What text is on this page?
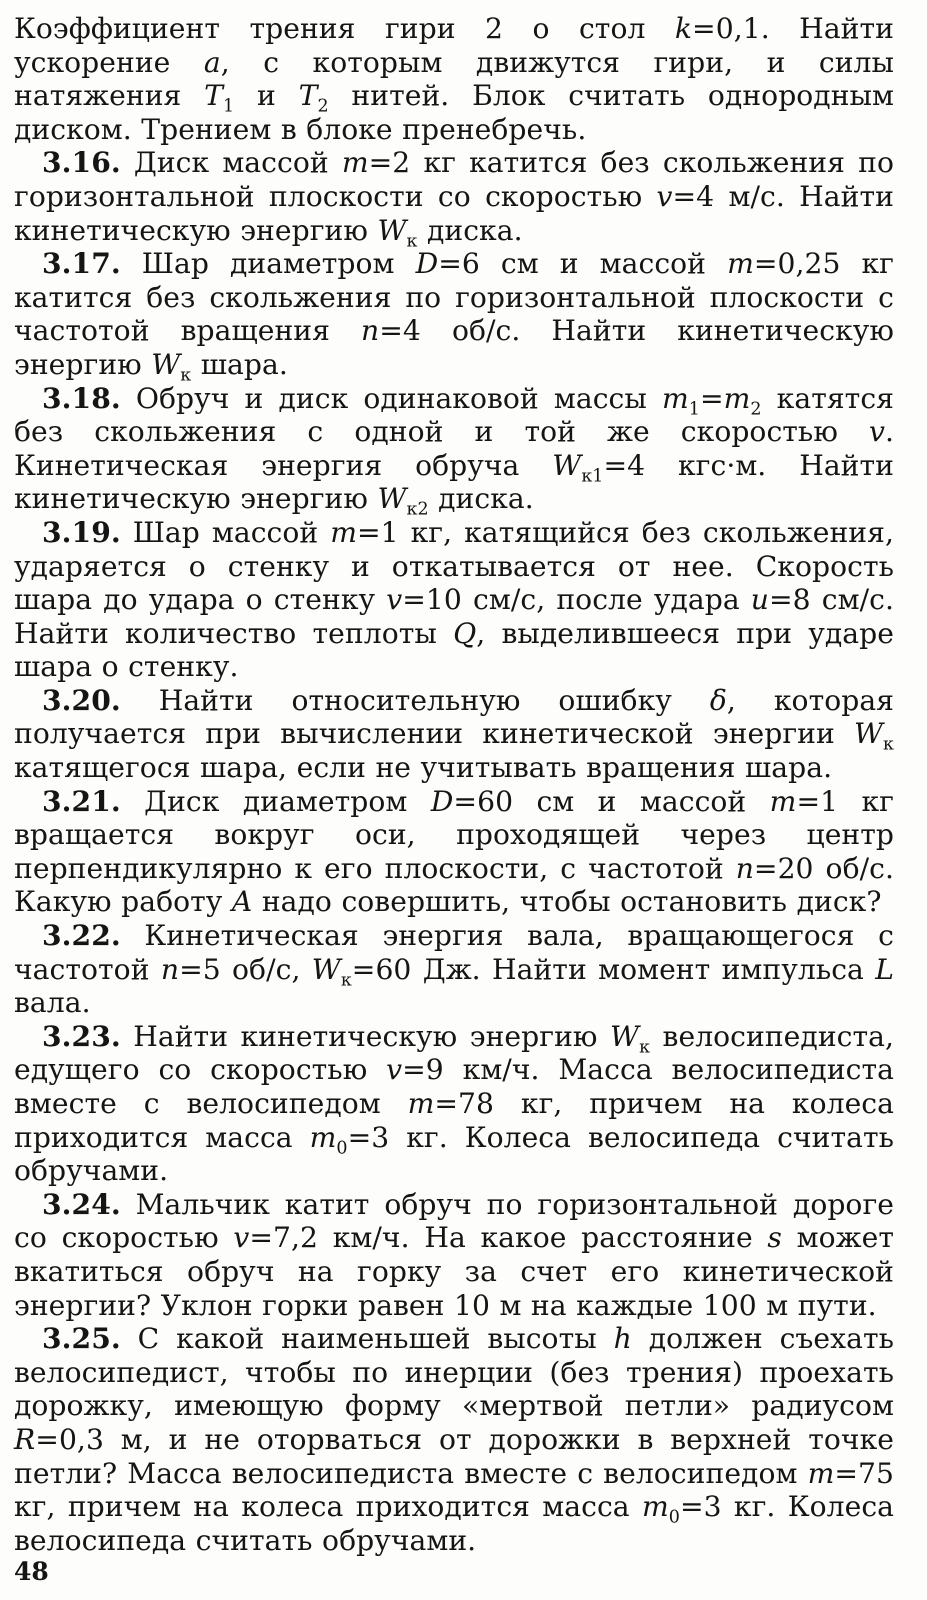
Коэффициент трения гири 2 о стол k=0,1. Найти ускорение a, с которым движутся гири, и силы натяжения $T_1$ и $T_2$ нитей. Блок считать однородным диском. Трением в блоке пренебречь.

3.16. Диск массой m=2 кг катится без скольжения по горизонтальной плоскости со скоростью v=4 м/с. Найти кинетическую энергию $W_к$ диска.

3.17. Шар диаметром D=6 см и массой m=0,25 кг катится без скольжения по горизонтальной плоскости с частотой вращения n=4 об/с. Найти кинетическую энергию $W_к$ шара.

3.18. Обруч и диск одинаковой массы $m_1=m_2$ катятся без скольжения с одной и той же скоростью v. Кинетическая энергия обруча $W_{к1}=4$ кгс·м. Найти кинетическую энергию $W_{к2}$ диска.

3.19. Шар массой m=1 кг, катящийся без скольжения, ударяется о стенку и откатывается от нее. Скорость шара до удара о стенку v=10 см/с, после удара u=8 см/с. Найти количество теплоты Q, выделившееся при ударе шара о стенку.

3.20. Найти относительную ошибку δ, которая получается при вычислении кинетической энергии $W_к$ катящегося шара, если не учитывать вращения шара.

3.21. Диск диаметром D=60 см и массой m=1 кг вращается вокруг оси, проходящей через центр перпендикулярно к его плоскости, с частотой n=20 об/с. Какую работу A надо совершить, чтобы остановить диск?

3.22. Кинетическая энергия вала, вращающегося с частотой n=5 об/с, $W_к=60$ Дж. Найти момент импульса L вала.

3.23. Найти кинетическую энергию $W_к$ велосипедиста, едущего со скоростью v=9 км/ч. Масса велосипедиста вместе с велосипедом m=78 кг, причем на колеса приходится масса $m_0=3$ кг. Колеса велосипеда считать обручами.

3.24. Мальчик катит обруч по горизонтальной дороге со скоростью v=7,2 км/ч. На какое расстояние s может вкатиться обруч на горку за счет его кинетической энергии? Уклон горки равен 10 м на каждые 100 м пути.

3.25. С какой наименьшей высоты h должен съехать велосипедист, чтобы по инерции (без трения) проехать дорожку, имеющую форму «мертвой петли» радиусом R=0,3 м, и не оторваться от дорожки в верхней точке петли? Масса велосипедиста вместе с велосипедом m=75 кг, причем на колеса приходится масса $m_0=3$ кг. Колеса велосипеда считать обручами.

48
